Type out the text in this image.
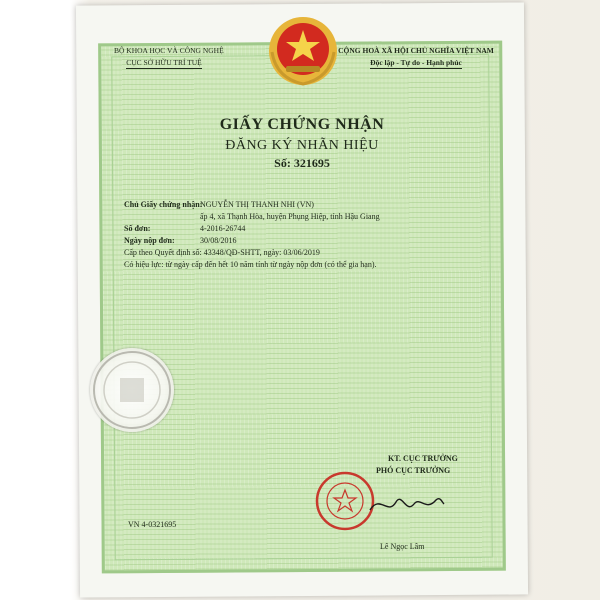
BỘ KHOA HỌC VÀ CÔNG NGHỆ
CỤC SỞ HỮU TRÍ TUỆ
CỘNG HOÀ XÃ HỘI CHỦ NGHĨA VIỆT NAM
Độc lập - Tự do - Hạnh phúc
GIẤY CHỨNG NHẬN
ĐĂNG KÝ NHÃN HIỆU
Số: 321695
Chủ Giấy chứng nhận:
NGUYỄN THỊ THANH NHI (VN)
ấp 4, xã Thạnh Hòa, huyện Phụng Hiệp, tỉnh Hậu Giang
Số đơn:	4-2016-26744
Ngày nộp đơn:	30/08/2016
Cấp theo Quyết định số: 43348/QĐ-SHTT, ngày: 03/06/2019
Có hiệu lực: từ ngày cấp đến hết 10 năm tính từ ngày nộp đơn (có thể gia hạn).
KT. CỤC TRƯỞNG
PHÓ CỤC TRƯỞNG
VN 4-0321695
Lê Ngọc Lâm
